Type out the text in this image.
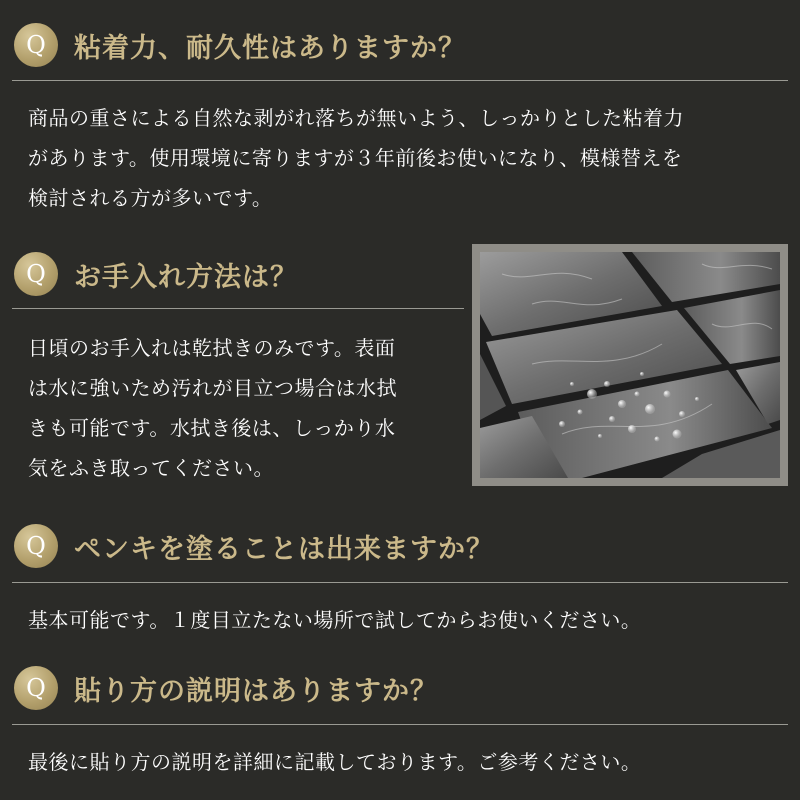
Q	粘着力、耐久性はありますか？
商品の重さによる自然な剥がれ落ちが無いよう、しっかりとした粘着力
があります。使用環境に寄りますが３年前後お使いになり、模様替えを
検討される方が多いです。
Q	お手入れ方法は？
日頃のお手入れは乾拭きのみです。表面
は水に強いため汚れが目立つ場合は水拭
きも可能です。水拭き後は、しっかり水
気をふき取ってください。
Q	ペンキを塗ることは出来ますか？
基本可能です。１度目立たない場所で試してからお使いください。
Q	貼り方の説明はありますか？
最後に貼り方の説明を詳細に記載しております。ご参考ください。
